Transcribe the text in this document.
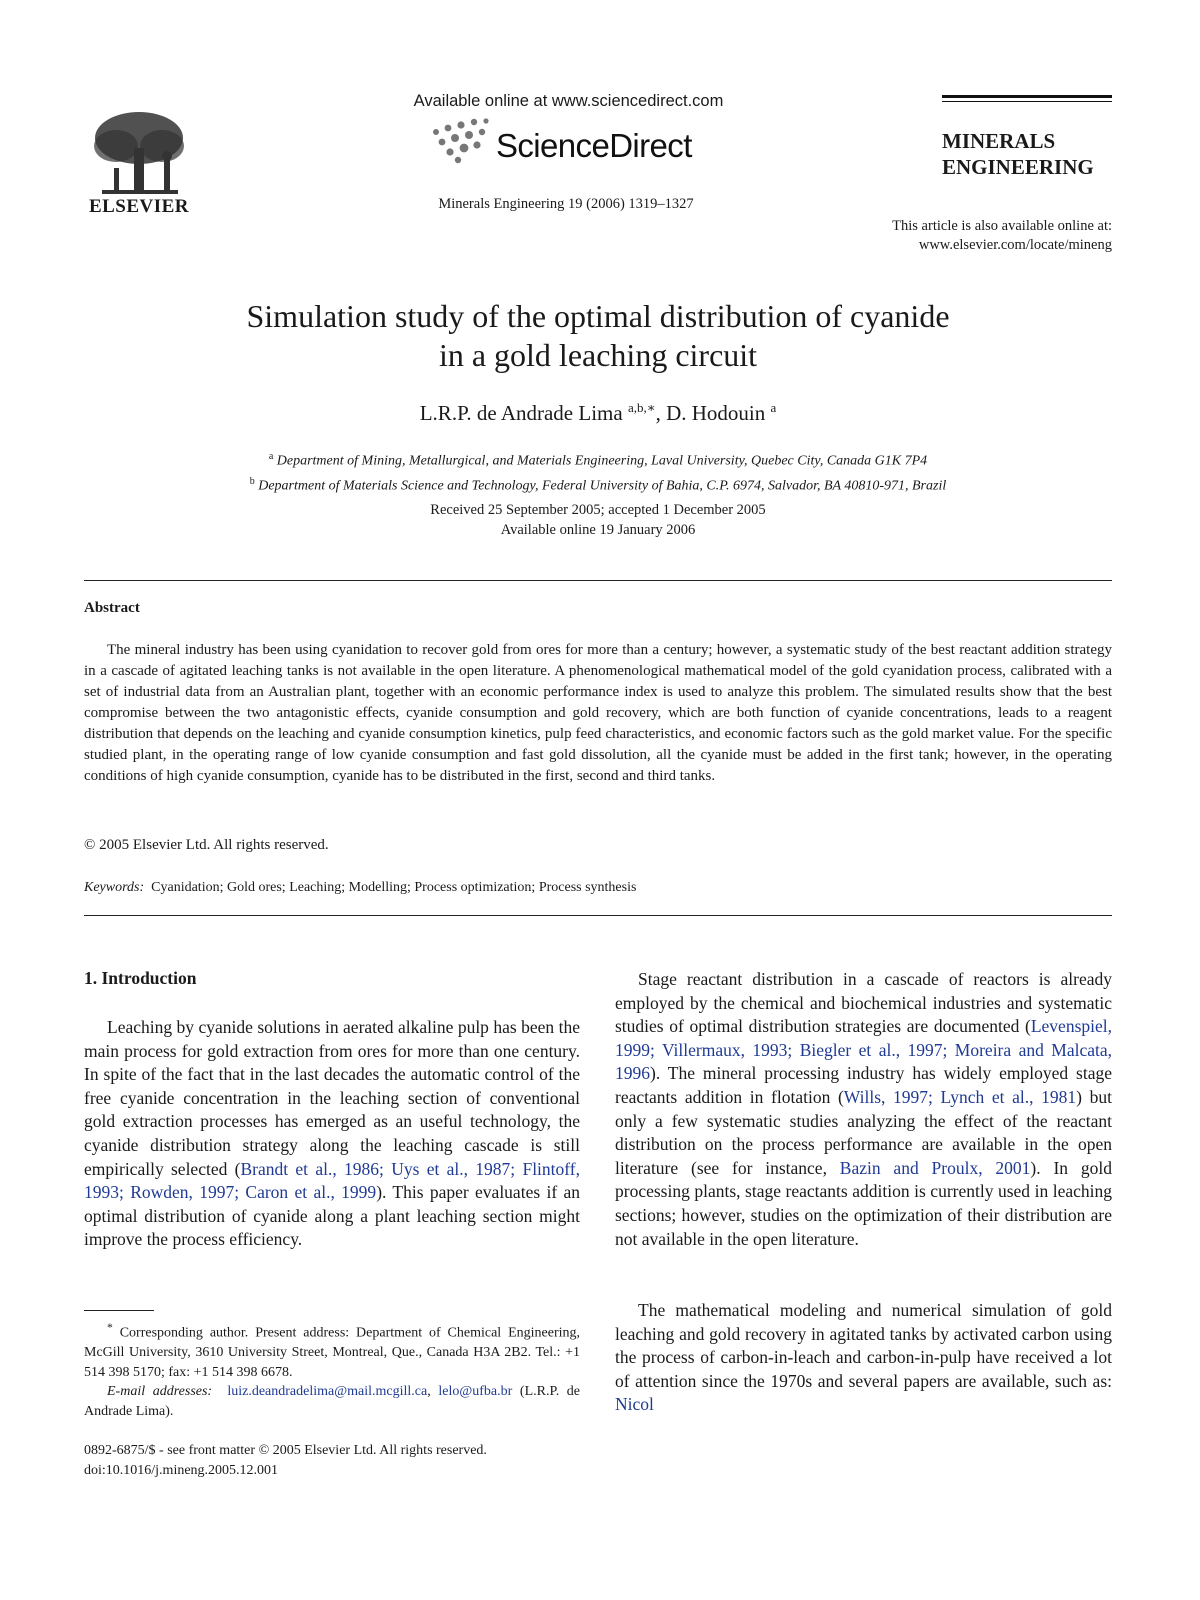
ELSEVIER
Available online at www.sciencedirect.com
ScienceDirect
Minerals Engineering 19 (2006) 1319–1327
MINERALS
ENGINEERING
This article is also available online at:
www.elsevier.com/locate/mineng
Simulation study of the optimal distribution of cyanide
in a gold leaching circuit
L.R.P. de Andrade Lima $^{a,b,∗}$, D. Hodouin $^a$
$^a$ Department of Mining, Metallurgical, and Materials Engineering, Laval University, Quebec City, Canada G1K 7P4
$^b$ Department of Materials Science and Technology, Federal University of Bahia, C.P. 6974, Salvador, BA 40810-971, Brazil
Received 25 September 2005; accepted 1 December 2005
Available online 19 January 2006
Abstract
The mineral industry has been using cyanidation to recover gold from ores for more than a century; however, a systematic study of the best reactant addition strategy in a cascade of agitated leaching tanks is not available in the open literature. A phenomenological mathematical model of the gold cyanidation process, calibrated with a set of industrial data from an Australian plant, together with an economic performance index is used to analyze this problem. The simulated results show that the best compromise between the two antagonistic effects, cyanide consumption and gold recovery, which are both function of cyanide concentrations, leads to a reagent distribution that depends on the leaching and cyanide consumption kinetics, pulp feed characteristics, and economic factors such as the gold market value. For the specific studied plant, in the operating range of low cyanide consumption and fast gold dissolution, all the cyanide must be added in the first tank; however, in the operating conditions of high cyanide consumption, cyanide has to be distributed in the first, second and third tanks.
© 2005 Elsevier Ltd. All rights reserved.
Keywords: Cyanidation; Gold ores; Leaching; Modelling; Process optimization; Process synthesis
1. Introduction
Leaching by cyanide solutions in aerated alkaline pulp has been the main process for gold extraction from ores for more than one century. In spite of the fact that in the last decades the automatic control of the free cyanide concentration in the leaching section of conventional gold extraction processes has emerged as an useful technology, the cyanide distribution strategy along the leaching cascade is still empirically selected (Brandt et al., 1986; Uys et al., 1987; Flintoff, 1993; Rowden, 1997; Caron et al., 1999). This paper evaluates if an optimal distribution of cyanide along a plant leaching section might improve the process efficiency.
* Corresponding author. Present address: Department of Chemical Engineering, McGill University, 3610 University Street, Montreal, Que., Canada H3A 2B2. Tel.: +1 514 398 5170; fax: +1 514 398 6678.
E-mail addresses: luiz.deandradelima@mail.mcgill.ca, lelo@ufba.br (L.R.P. de Andrade Lima).
0892-6875/$ - see front matter © 2005 Elsevier Ltd. All rights reserved.
doi:10.1016/j.mineng.2005.12.001
Stage reactant distribution in a cascade of reactors is already employed by the chemical and biochemical industries and systematic studies of optimal distribution strategies are documented (Levenspiel, 1999; Villermaux, 1993; Biegler et al., 1997; Moreira and Malcata, 1996). The mineral processing industry has widely employed stage reactants addition in flotation (Wills, 1997; Lynch et al., 1981) but only a few systematic studies analyzing the effect of the reactant distribution on the process performance are available in the open literature (see for instance, Bazin and Proulx, 2001). In gold processing plants, stage reactants addition is currently used in leaching sections; however, studies on the optimization of their distribution are not available in the open literature.
The mathematical modeling and numerical simulation of gold leaching and gold recovery in agitated tanks by activated carbon using the process of carbon-in-leach and carbon-in-pulp have received a lot of attention since the 1970s and several papers are available, such as: Nicol
